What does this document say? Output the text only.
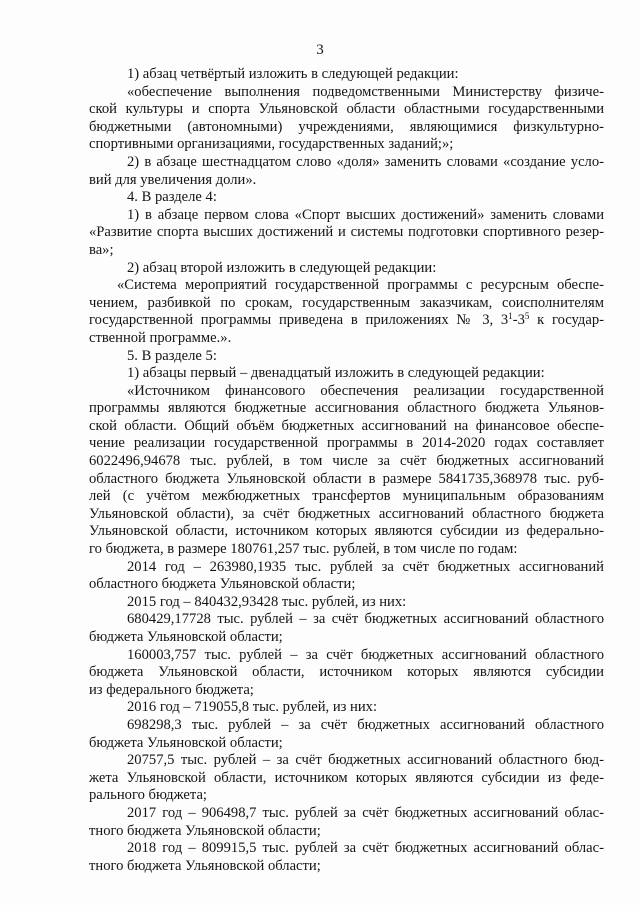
3
1) абзац четвёртый изложить в следующей редакции:
«обеспечение выполнения подведомственными Министерству физиче-
ской культуры и спорта Ульяновской области областными государственными
бюджетными (автономными) учреждениями, являющимися физкультурно-
спортивными организациями, государственных заданий;»;
2) в абзаце шестнадцатом слово «доля» заменить словами «создание усло-
вий для увеличения доли».
4. В разделе 4:
1) в абзаце первом слова «Спорт высших достижений» заменить словами
«Развитие спорта высших достижений и системы подготовки спортивного резер-
ва»;
2) абзац второй изложить в следующей редакции:
«Система мероприятий государственной программы с ресурсным обеспе-
чением, разбивкой по срокам, государственным заказчикам, соисполнителям
государственной программы приведена в приложениях № 3, $3^1-3^5$ к государ-
ственной программе.».
5. В разделе 5:
1) абзацы первый – двенадцатый изложить в следующей редакции:
«Источником финансового обеспечения реализации государственной
программы являются бюджетные ассигнования областного бюджета Ульянов-
ской области. Общий объём бюджетных ассигнований на финансовое обеспе-
чение реализации государственной программы в 2014-2020 годах составляет
6022496,94678 тыс. рублей, в том числе за счёт бюджетных ассигнований
областного бюджета Ульяновской области в размере 5841735,368978 тыс. руб-
лей (с учётом межбюджетных трансфертов муниципальным образованиям
Ульяновской области), за счёт бюджетных ассигнований областного бюджета
Ульяновской области, источником которых являются субсидии из федерально-
го бюджета, в размере 180761,257 тыс. рублей, в том числе по годам:
2014 год – 263980,1935 тыс. рублей за счёт бюджетных ассигнований
областного бюджета Ульяновской области;
2015 год – 840432,93428 тыс. рублей, из них:
680429,17728 тыс. рублей – за счёт бюджетных ассигнований областного
бюджета Ульяновской области;
160003,757 тыс. рублей – за счёт бюджетных ассигнований областного
бюджета Ульяновской области, источником которых являются субсидии
из федерального бюджета;
2016 год – 719055,8 тыс. рублей, из них:
698298,3 тыс. рублей – за счёт бюджетных ассигнований областного
бюджета Ульяновской области;
20757,5 тыс. рублей – за счёт бюджетных ассигнований областного бюд-
жета Ульяновской области, источником которых являются субсидии из феде-
рального бюджета;
2017 год – 906498,7 тыс. рублей за счёт бюджетных ассигнований облас-
тного бюджета Ульяновской области;
2018 год – 809915,5 тыс. рублей за счёт бюджетных ассигнований облас-
тного бюджета Ульяновской области;
